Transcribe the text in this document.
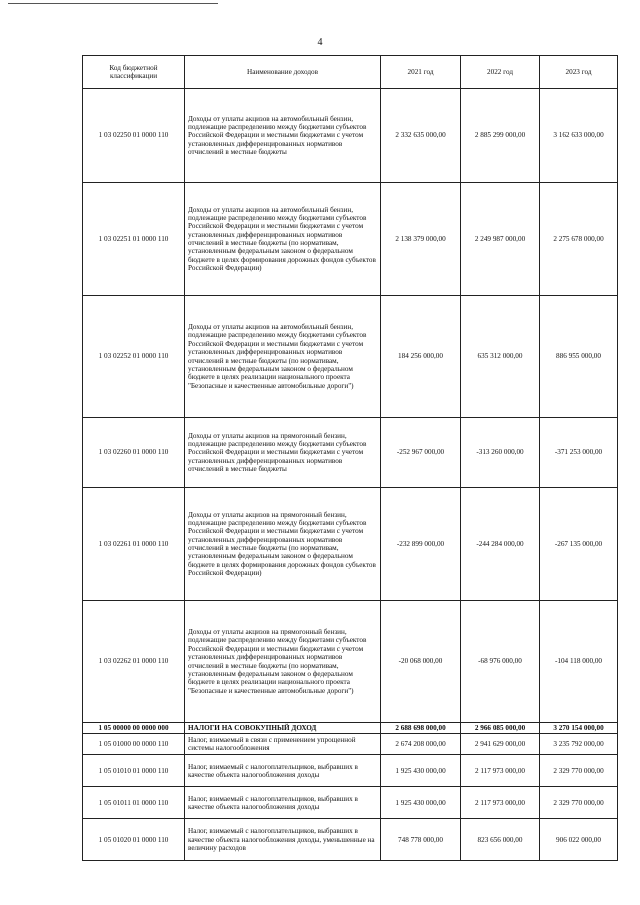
4
Код бюджетной классификации	Наименование доходов	2021 год	2022 год	2023 год
1 03 02250 01 0000 110	Доходы от уплаты акцизов на автомобильный бензин, подлежащие распределению между бюджетами субъектов Российской Федерации и местными бюджетами с учетом установленных дифференцированных нормативов отчислений в местные бюджеты	2 332 635 000,00	2 885 299 000,00	3 162 633 000,00
1 03 02251 01 0000 110	Доходы от уплаты акцизов на автомобильный бензин, подлежащие распределению между бюджетами субъектов Российской Федерации и местными бюджетами с учетом установленных дифференцированных нормативов отчислений в местные бюджеты (по нормативам, установленным федеральным законом о федеральном бюджете в целях формирования дорожных фондов субъектов Российской Федерации)	2 138 379 000,00	2 249 987 000,00	2 275 678 000,00
1 03 02252 01 0000 110	Доходы от уплаты акцизов на автомобильный бензин, подлежащие распределению между бюджетами субъектов Российской Федерации и местными бюджетами с учетом установленных дифференцированных нормативов отчислений в местные бюджеты (по нормативам, установленным федеральным законом о федеральном бюджете в целях реализации национального проекта "Безопасные и качественные автомобильные дороги")	184 256 000,00	635 312 000,00	886 955 000,00
1 03 02260 01 0000 110	Доходы от уплаты акцизов на прямогонный бензин, подлежащие распределению между бюджетами субъектов Российской Федерации и местными бюджетами с учетом установленных дифференцированных нормативов отчислений в местные бюджеты	-252 967 000,00	-313 260 000,00	-371 253 000,00
1 03 02261 01 0000 110	Доходы от уплаты акцизов на прямогонный бензин, подлежащие распределению между бюджетами субъектов Российской Федерации и местными бюджетами с учетом установленных дифференцированных нормативов отчислений в местные бюджеты (по нормативам, установленным федеральным законом о федеральном бюджете в целях формирования дорожных фондов субъектов Российской Федерации)	-232 899 000,00	-244 284 000,00	-267 135 000,00
1 03 02262 01 0000 110	Доходы от уплаты акцизов на прямогонный бензин, подлежащие распределению между бюджетами субъектов Российской Федерации и местными бюджетами с учетом установленных дифференцированных нормативов отчислений в местные бюджеты (по нормативам, установленным федеральным законом о федеральном бюджете в целях реализации национального проекта "Безопасные и качественные автомобильные дороги")	-20 068 000,00	-68 976 000,00	-104 118 000,00
1 05 00000 00 0000 000	НАЛОГИ НА СОВОКУПНЫЙ ДОХОД	2 688 698 000,00	2 966 085 000,00	3 270 154 000,00
1 05 01000 00 0000 110	Налог, взимаемый в связи с применением упрощенной системы налогообложения	2 674 208 000,00	2 941 629 000,00	3 235 792 000,00
1 05 01010 01 0000 110	Налог, взимаемый с налогоплательщиков, выбравших в качестве объекта налогообложения доходы	1 925 430 000,00	2 117 973 000,00	2 329 770 000,00
1 05 01011 01 0000 110	Налог, взимаемый с налогоплательщиков, выбравших в качестве объекта налогообложения доходы	1 925 430 000,00	2 117 973 000,00	2 329 770 000,00
1 05 01020 01 0000 110	Налог, взимаемый с налогоплательщиков, выбравших в качестве объекта налогообложения доходы, уменьшенные на величину расходов	748 778 000,00	823 656 000,00	906 022 000,00
